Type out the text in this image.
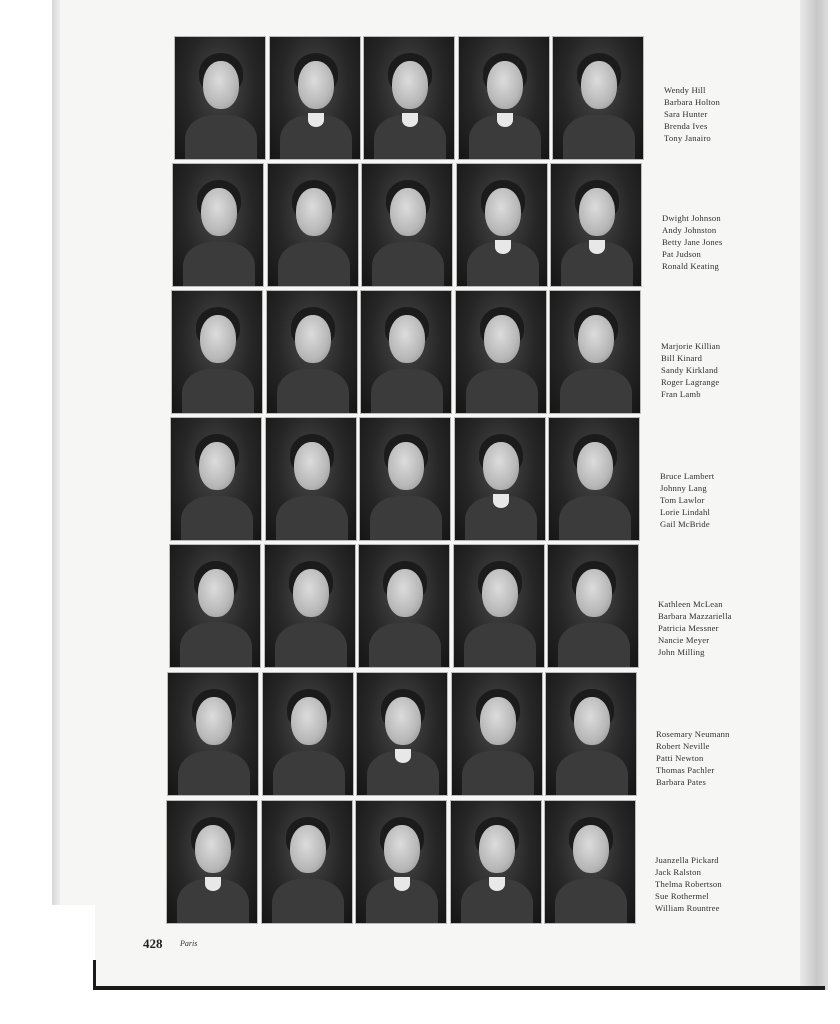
428 Paris
Wendy Hill
Barbara Holton
Sara Hunter
Brenda Ives
Tony Janairo
Dwight Johnson
Andy Johnston
Betty Jane Jones
Pat Judson
Ronald Keating
Marjorie Killian
Bill Kinard
Sandy Kirkland
Roger Lagrange
Fran Lamb
Bruce Lambert
Johnny Lang
Tom Lawlor
Lorie Lindahl
Gail McBride
Kathleen McLean
Barbara Mazzariella
Patricia Messner
Nancie Meyer
John Milling
Rosemary Neumann
Robert Neville
Patti Newton
Thomas Pachler
Barbara Pates
Juanzella Pickard
Jack Ralston
Thelma Robertson
Sue Rothermel
William Rountree
